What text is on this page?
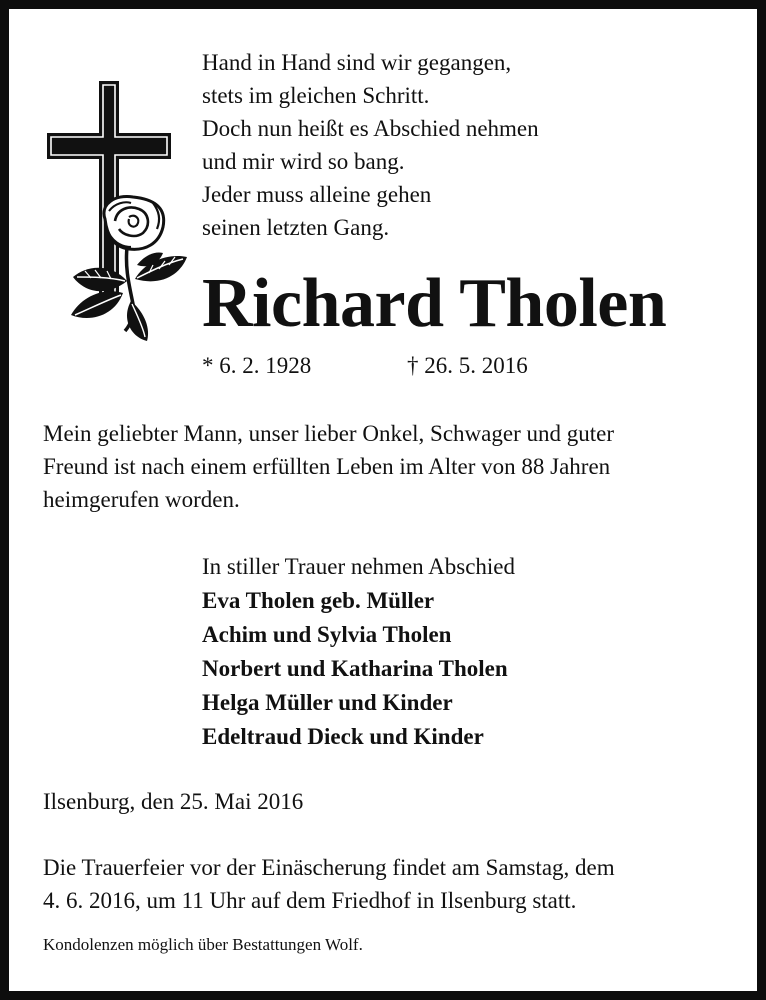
Hand in Hand sind wir gegangen,
stets im gleichen Schritt.
Doch nun heißt es Abschied nehmen
und mir wird so bang.
Jeder muss alleine gehen
seinen letzten Gang.
Richard Tholen
* 6. 2. 1928	† 26. 5. 2016
Mein geliebter Mann, unser lieber Onkel, Schwager und guter
Freund ist nach einem erfüllten Leben im Alter von 88 Jahren
heimgerufen worden.
In stiller Trauer nehmen Abschied
Eva Tholen geb. Müller
Achim und Sylvia Tholen
Norbert und Katharina Tholen
Helga Müller und Kinder
Edeltraud Dieck und Kinder
Ilsenburg, den 25. Mai 2016
Die Trauerfeier vor der Einäscherung findet am Samstag, dem
4. 6. 2016, um 11 Uhr auf dem Friedhof in Ilsenburg statt.
Kondolenzen möglich über Bestattungen Wolf.
